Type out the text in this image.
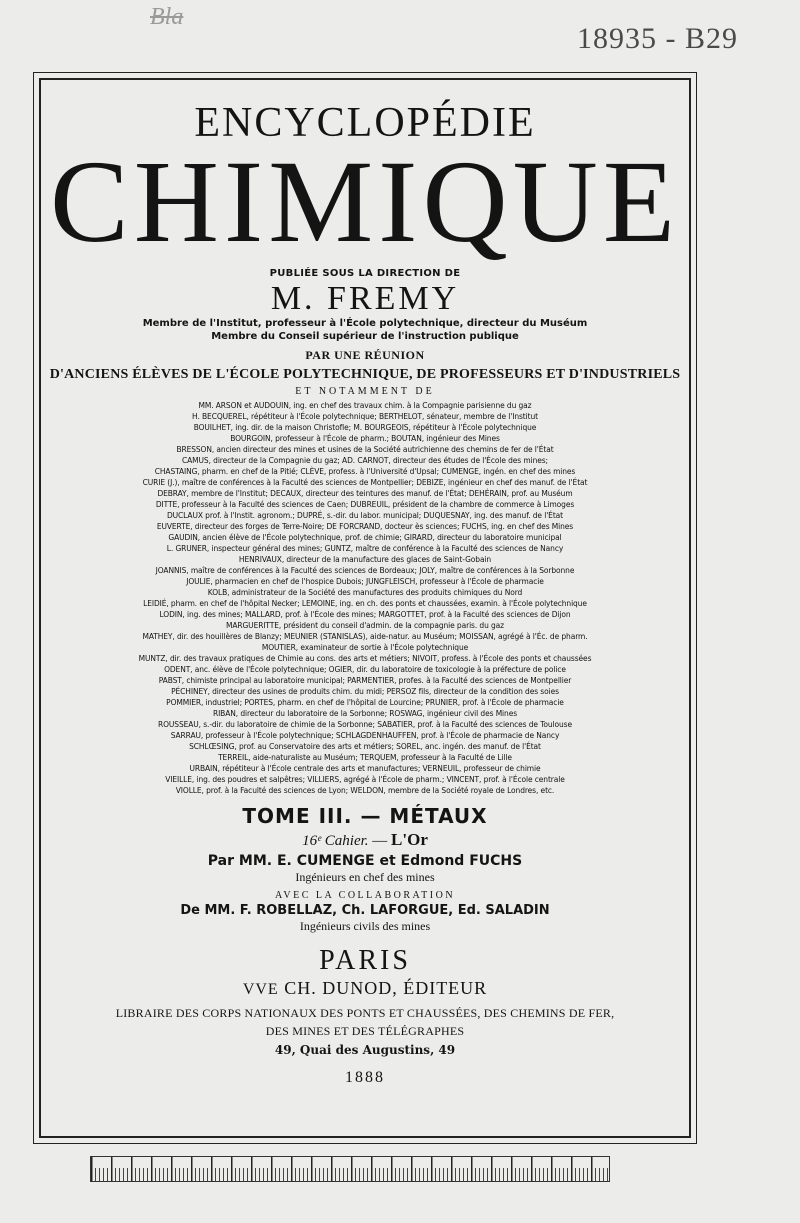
Bla
18935 - B29
ENCYCLOPÉDIE
CHIMIQUE
PUBLIÉE SOUS LA DIRECTION DE
M. FREMY
Membre de l'Institut, professeur à l'École polytechnique, directeur du Muséum
Membre du Conseil supérieur de l'instruction publique
PAR UNE RÉUNION
D'ANCIENS ÉLÈVES DE L'ÉCOLE POLYTECHNIQUE, DE PROFESSEURS ET D'INDUSTRIELS
ET NOTAMMENT DE
MM. ARSON et AUDOUIN, ing. en chef des travaux chim. à la Compagnie parisienne du gaz
H. BECQUEREL, répétiteur à l'École polytechnique; BERTHELOT, sénateur, membre de l'Institut
BOUILHET, ing. dir. de la maison Christofle; M. BOURGEOIS, répétiteur à l'École polytechnique
BOURGOIN, professeur à l'École de pharm.; BOUTAN, ingénieur des Mines
BRESSON, ancien directeur des mines et usines de la Société autrichienne des chemins de fer de l'État
CAMUS, directeur de la Compagnie du gaz; AD. CARNOT, directeur des études de l'École des mines;
CHASTAING, pharm. en chef de la Pitié; CLÈVE, profess. à l'Université d'Upsal; CUMENGE, ingén. en chef des mines
CURIE (J.), maître de conférences à la Faculté des sciences de Montpellier; DEBIZE, ingénieur en chef des manuf. de l'État
DEBRAY, membre de l'Institut; DECAUX, directeur des teintures des manuf. de l'État; DEHÉRAIN, prof. au Muséum
DITTE, professeur à la Faculté des sciences de Caen; DUBREUIL, président de la chambre de commerce à Limoges
DUCLAUX prof. à l'Instit. agronom.; DUPRÉ, s.-dir. du labor. municipal; DUQUESNAY, ing. des manuf. de l'État
EUVERTE, directeur des forges de Terre-Noire; DE FORCRAND, docteur ès sciences; FUCHS, ing. en chef des Mines
GAUDIN, ancien élève de l'École polytechnique, prof. de chimie; GIRARD, directeur du laboratoire municipal
L. GRUNER, inspecteur général des mines; GUNTZ, maître de conférence à la Faculté des sciences de Nancy
HENRIVAUX, directeur de la manufacture des glaces de Saint-Gobain
JOANNIS, maître de conférences à la Faculté des sciences de Bordeaux; JOLY, maître de conférences à la Sorbonne
JOULIE, pharmacien en chef de l'hospice Dubois; JUNGFLEISCH, professeur à l'École de pharmacie
KOLB, administrateur de la Société des manufactures des produits chimiques du Nord
LEIDIÉ, pharm. en chef de l'hôpital Necker; LEMOINE, ing. en ch. des ponts et chaussées, examin. à l'École polytechnique
LODIN, ing. des mines; MALLARD, prof. à l'École des mines; MARGOTTET, prof. à la Faculté des sciences de Dijon
MARGUERITTE, président du conseil d'admin. de la compagnie paris. du gaz
MATHEY, dir. des houillères de Blanzy; MEUNIER (STANISLAS), aide-natur. au Muséum; MOISSAN, agrégé à l'Éc. de pharm.
MOUTIER, examinateur de sortie à l'École polytechnique
MUNTZ, dir. des travaux pratiques de Chimie au cons. des arts et métiers; NIVOIT, profess. à l'École des ponts et chaussées
ODENT, anc. élève de l'École polytechnique; OGIER, dir. du laboratoire de toxicologie à la préfecture de police
PABST, chimiste principal au laboratoire municipal; PARMENTIER, profes. à la Faculté des sciences de Montpellier
PÉCHINEY, directeur des usines de produits chim. du midi; PERSOZ fils, directeur de la condition des soies
POMMIER, industriel; PORTES, pharm. en chef de l'hôpital de Lourcine; PRUNIER, prof. à l'École de pharmacie
RIBAN, directeur du laboratoire de la Sorbonne; ROSWAG, ingénieur civil des Mines
ROUSSEAU, s.-dir. du laboratoire de chimie de la Sorbonne; SABATIER, prof. à la Faculté des sciences de Toulouse
SARRAU, professeur à l'École polytechnique; SCHLAGDENHAUFFEN, prof. à l'École de pharmacie de Nancy
SCHLŒSING, prof. au Conservatoire des arts et métiers; SOREL, anc. ingén. des manuf. de l'État
TERREIL, aide-naturaliste au Muséum; TERQUEM, professeur à la Faculté de Lille
URBAIN, répétiteur à l'École centrale des arts et manufactures; VERNEUIL, professeur de chimie
VIEILLE, ing. des poudres et salpêtres; VILLIERS, agrégé à l'École de pharm.; VINCENT, prof. à l'École centrale
VIOLLE, prof. à la Faculté des sciences de Lyon; WELDON, membre de la Société royale de Londres, etc.
TOME III. — MÉTAUX
16ᵉ Cahier. — L'Or
Par MM. E. CUMENGE et Edmond FUCHS
Ingénieurs en chef des mines
AVEC LA COLLABORATION
De MM. F. ROBELLAZ, Ch. LAFORGUE, Ed. SALADIN
Ingénieurs civils des mines
PARIS
VVE CH. DUNOD, ÉDITEUR
LIBRAIRE DES CORPS NATIONAUX DES PONTS ET CHAUSSÉES, DES CHEMINS DE FER,
DES MINES ET DES TÉLÉGRAPHES
49, Quai des Augustins, 49
1888
